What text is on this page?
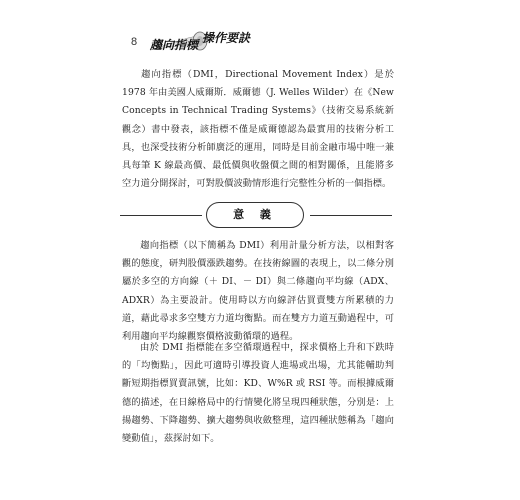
8 趨向指標 操作要訣
趨向指標（DMI，Directional Movement Index）是於 1978 年由美國人威爾斯．威爾德（J. Welles Wilder）在《New Concepts in Technical Trading Systems》（技術交易系統新觀念）書中發表，該指標不僅是威爾德認為最實用的技術分析工具，也深受技術分析師廣泛的運用，同時是目前金融市場中唯一兼具每筆 K 線最高價、最低價與收盤價之間的相對關係，且能將多空力道分開探討，可對股價波動情形進行完整性分析的一個指標。
意 義
趨向指標（以下簡稱為 DMI）利用計量分析方法，以相對客觀的態度，研判股價漲跌趨勢。在技術線圖的表現上，以二條分別屬於多空的方向線（＋ DI、－ DI）與二條趨向平均線（ADX、ADXR）為主要設計。使用時以方向線評估買賣雙方所累積的力道，藉此尋求多空雙方力道均衡點。而在雙方力道互動過程中，可利用趨向平均線觀察價格波動循環的過程。
由於 DMI 指標能在多空循環過程中，探求價格上升和下跌時的「均衡點」，因此可適時引導投資人進場或出場，尤其能輔助判斷短期指標買賣訊號，比如：KD、W%R 或 RSI 等。而根據威爾德的描述，在日線格局中的行情變化將呈現四種狀態，分別是：上揚趨勢、下降趨勢、擴大趨勢與收斂整理，這四種狀態稱為「趨向變動值」，茲探討如下。
